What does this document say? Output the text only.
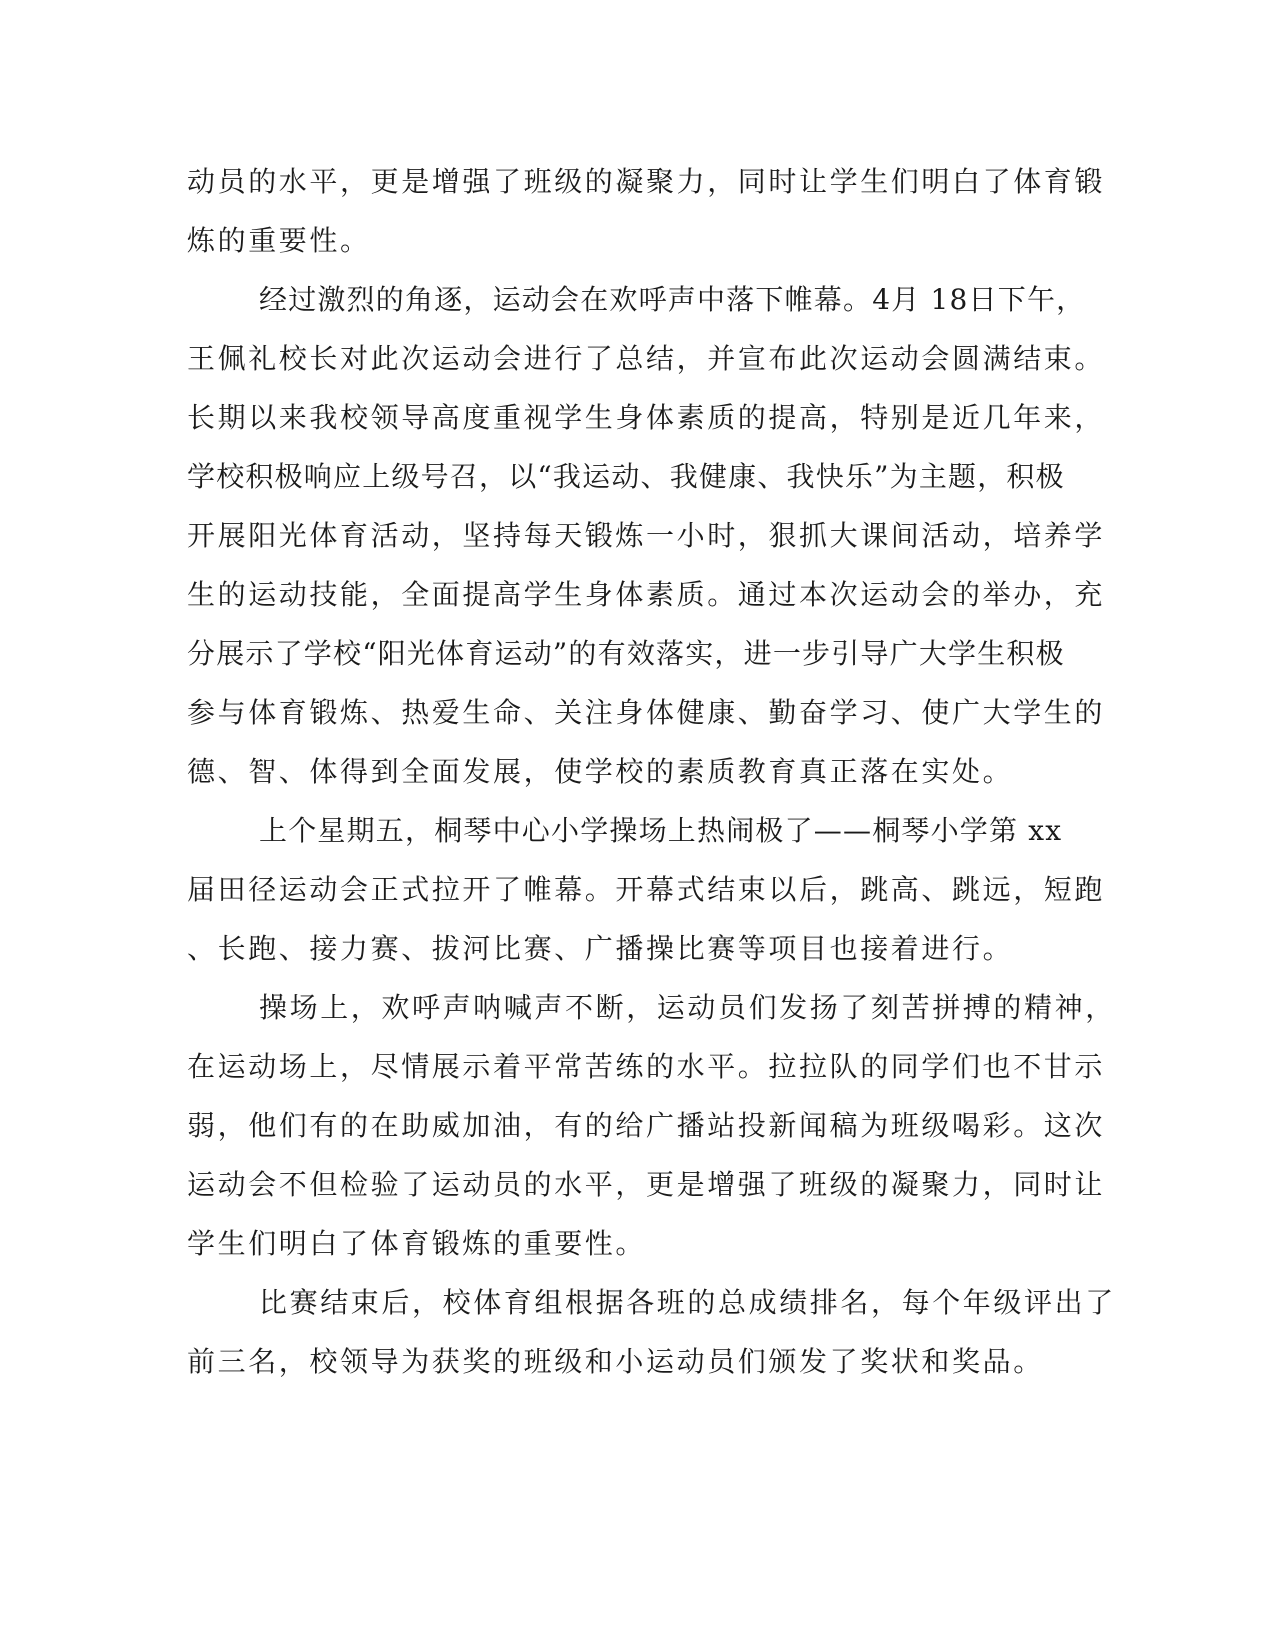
动员的水平，更是增强了班级的凝聚力，同时让学生们明白了体育锻
炼的重要性。
经过激烈的角逐，运动会在欢呼声中落下帷幕。4月 18日下午，
王佩礼校长对此次运动会进行了总结，并宣布此次运动会圆满结束。
长期以来我校领导高度重视学生身体素质的提高，特别是近几年来，
学校积极响应上级号召，以“我运动、我健康、我快乐”为主题，积极
开展阳光体育活动，坚持每天锻炼一小时，狠抓大课间活动，培养学
生的运动技能，全面提高学生身体素质。通过本次运动会的举办，充
分展示了学校“阳光体育运动”的有效落实，进一步引导广大学生积极
参与体育锻炼、热爱生命、关注身体健康、勤奋学习、使广大学生的
德、智、体得到全面发展，使学校的素质教育真正落在实处。
上个星期五，桐琴中心小学操场上热闹极了——桐琴小学第 xx
届田径运动会正式拉开了帷幕。开幕式结束以后，跳高、跳远，短跑
、长跑、接力赛、拔河比赛、广播操比赛等项目也接着进行。
操场上，欢呼声呐喊声不断，运动员们发扬了刻苦拼搏的精神，
在运动场上，尽情展示着平常苦练的水平。拉拉队的同学们也不甘示
弱，他们有的在助威加油，有的给广播站投新闻稿为班级喝彩。这次
运动会不但检验了运动员的水平，更是增强了班级的凝聚力，同时让
学生们明白了体育锻炼的重要性。
比赛结束后，校体育组根据各班的总成绩排名，每个年级评出了
前三名，校领导为获奖的班级和小运动员们颁发了奖状和奖品。
